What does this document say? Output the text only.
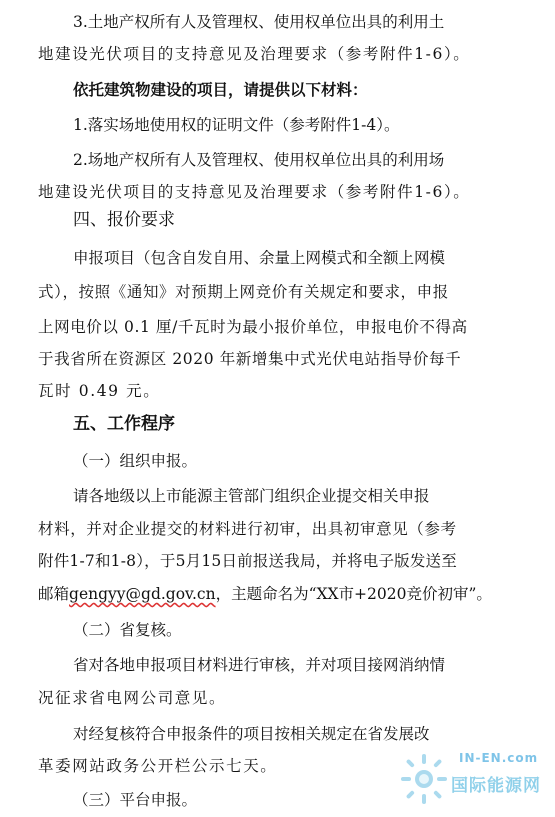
3.土地产权所有人及管理权、使用权单位出具的利用土
地建设光伏项目的支持意见及治理要求（参考附件1-6）。
依托建筑物建设的项目，请提供以下材料：
1.落实场地使用权的证明文件（参考附件1-4）。
2.场地产权所有人及管理权、使用权单位出具的利用场
地建设光伏项目的支持意见及治理要求（参考附件1-6）。
四、报价要求
申报项目（包含自发自用、余量上网模式和全额上网模
式），按照《通知》对预期上网竞价有关规定和要求，申报
上网电价以 0.1 厘/千瓦时为最小报价单位，申报电价不得高
于我省所在资源区 2020 年新增集中式光伏电站指导价每千
瓦时 0.49 元。
五、工作程序
（一）组织申报。
请各地级以上市能源主管部门组织企业提交相关申报
材料，并对企业提交的材料进行初审，出具初审意见（参考
附件1-7和1-8），于5月15日前报送我局，并将电子版发送至
邮箱gengyy@gd.gov.cn，主题命名为“XX市+2020竞价初审”。
（二）省复核。
省对各地申报项目材料进行审核，并对项目接网消纳情
况征求省电网公司意见。
对经复核符合申报条件的项目按相关规定在省发展改
革委网站政务公开栏公示七天。
（三）平台申报。
IN-EN.com
国际能源网
